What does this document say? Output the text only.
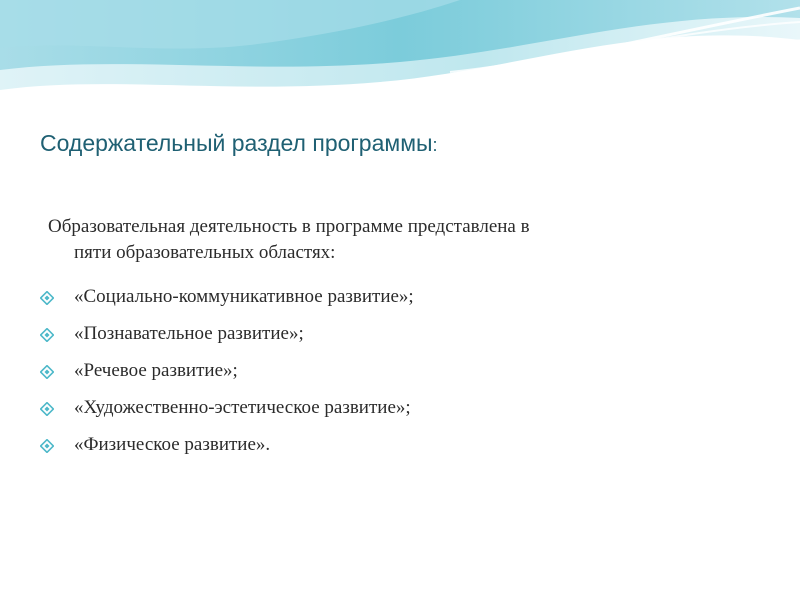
Содержательный раздел программы:
Образовательная деятельность в программе представлена в
пяти образовательных областях:
«Социально-коммуникативное развитие»;
«Познавательное развитие»;
«Речевое развитие»;
«Художественно-эстетическое развитие»;
«Физическое развитие».
